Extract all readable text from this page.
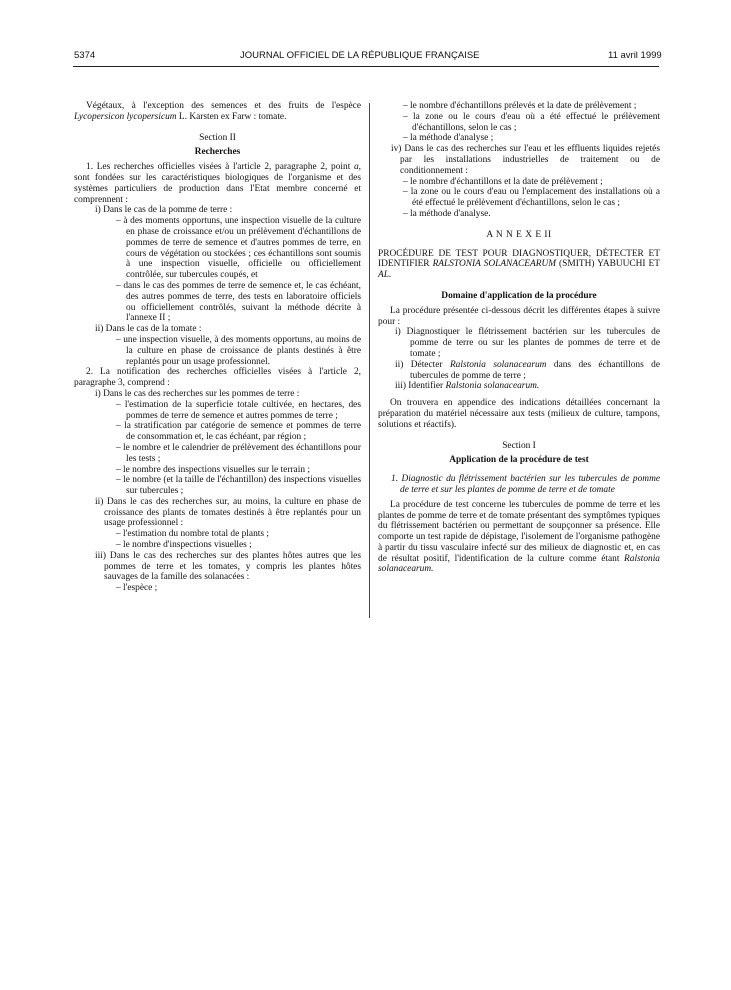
5374	JOURNAL OFFICIEL DE LA RÉPUBLIQUE FRANÇAISE	11 avril 1999

Végétaux, à l'exception des semences et des fruits de l'espèce Lycopersicon lycopersicum L. Karsten ex Farw : tomate.

Section II

Recherches

1. Les recherches officielles visées à l'article 2, paragraphe 2, point a, sont fondées sur les caractéristiques biologiques de l'organisme et des systèmes particuliers de production dans l'Etat membre concerné et comprennent :

i) Dans le cas de la pomme de terre :

– à des moments opportuns, une inspection visuelle de la culture en phase de croissance et/ou un prélèvement d'échantillons de pommes de terre de semence et d'autres pommes de terre, en cours de végétation ou stockées ; ces échantillons sont soumis à une inspection visuelle, officielle ou officiellement contrôlée, sur tubercules coupés, et

– dans le cas des pommes de terre de semence et, le cas échéant, des autres pommes de terre, des tests en laboratoire officiels ou officiellement contrôlés, suivant la méthode décrite à l'annexe II ;

ii) Dans le cas de la tomate :

– une inspection visuelle, à des moments opportuns, au moins de la culture en phase de croissance de plants destinés à être replantés pour un usage professionnel.

2. La notification des recherches officielles visées à l'article 2, paragraphe 3, comprend :

i) Dans le cas des recherches sur les pommes de terre :

– l'estimation de la superficie totale cultivée, en hectares, des pommes de terre de semence et autres pommes de terre ;

– la stratification par catégorie de semence et pommes de terre de consommation et, le cas échéant, par région ;

– le nombre et le calendrier de prélèvement des échantillons pour les tests ;

– le nombre des inspections visuelles sur le terrain ;

– le nombre (et la taille de l'échantillon) des inspections visuelles sur tubercules ;

ii) Dans le cas des recherches sur, au moins, la culture en phase de croissance des plants de tomates destinés à être replantés pour un usage professionnel :

– l'estimation du nombre total de plants ;

– le nombre d'inspections visuelles ;

iii) Dans le cas des recherches sur des plantes hôtes autres que les pommes de terre et les tomates, y compris les plantes hôtes sauvages de la famille des solanacées :

– l'espèce ;

– le nombre d'échantillons prélevés et la date de prélèvement ;

– la zone ou le cours d'eau où a été effectué le prélèvement d'échantillons, selon le cas ;

– la méthode d'analyse ;

iv) Dans le cas des recherches sur l'eau et les effluents liquides rejetés par les installations industrielles de traitement ou de conditionnement :

– le nombre d'échantillons et la date de prélèvement ;

– la zone ou le cours d'eau ou l'emplacement des installations où a été effectué le prélèvement d'échantillons, selon le cas ;

– la méthode d'analyse.

A N N E X E II

PROCÉDURE DE TEST POUR DIAGNOSTIQUER, DÉTECTER ET IDENTIFIER RALSTONIA SOLANACEARUM (SMITH) YABUUCHI ET AL.

Domaine d'application de la procédure

La procédure présentée ci-dessous décrit les différentes étapes à suivre pour :

i) Diagnostiquer le flétrissement bactérien sur les tubercules de pomme de terre ou sur les plantes de pommes de terre et de tomate ;

ii) Détecter Ralstonia solanacearum dans des échantillons de tubercules de pomme de terre ;

iii) Identifier Ralstonia solanacearum.

On trouvera en appendice des indications détaillées concernant la préparation du matériel nécessaire aux tests (milieux de culture, tampons, solutions et réactifs).

Section I

Application de la procédure de test

1. Diagnostic du flétrissement bactérien sur les tubercules de pomme de terre et sur les plantes de pomme de terre et de tomate

La procédure de test concerne les tubercules de pomme de terre et les plantes de pomme de terre et de tomate présentant des symptômes typiques du flétrissement bactérien ou permettant de soupçonner sa présence. Elle comporte un test rapide de dépistage, l'isolement de l'organisme pathogène à partir du tissu vasculaire infecté sur des milieux de diagnostic et, en cas de résultat positif, l'identification de la culture comme étant Ralstonia solanacearum.
